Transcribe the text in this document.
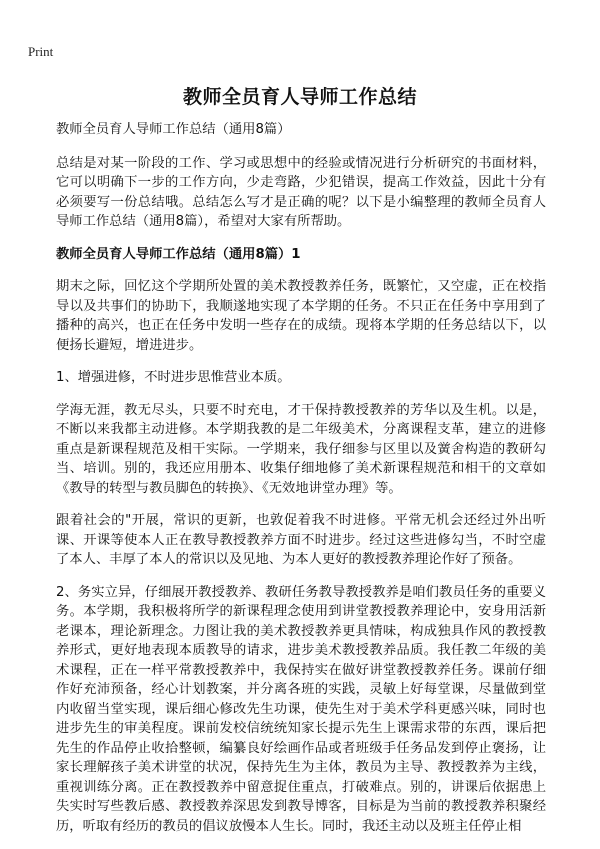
Print
教师全员育人导师工作总结

教师全员育人导师工作总结（通用8篇）

总结是对某一阶段的工作、学习或思想中的经验或情况进行分析研究的书面材料，它可以明确下一步的工作方向，少走弯路，少犯错误，提高工作效益，因此十分有必须要写一份总结哦。总结怎么写才是正确的呢？以下是小编整理的教师全员育人导师工作总结（通用8篇），希望对大家有所帮助。

教师全员育人导师工作总结（通用8篇）1

期末之际，回忆这个学期所处置的美术教授教养任务，既繁忙，又空虚，正在校指导以及共事们的协助下，我顺遂地实现了本学期的任务。不只正在任务中享用到了播种的高兴，也正在任务中发明一些存在的成绩。现将本学期的任务总结以下，以便扬长避短，增进进步。

1、增强进修，不时进步思惟营业本质。

学海无涯，教无尽头，只要不时充电，才干保持教授教养的芳华以及生机。以是，不断以来我都主动进修。本学期我教的是二年级美术，分离课程支革，建立的进修重点是新课程规范及相干实际。一学期来，我仔细参与区里以及黉舍构造的教研勾当、培训。别的，我还应用册本、收集仔细地修了美术新课程规范和相干的文章如《教导的转型与教员脚色的转换》、《无效地讲堂办理》等。

跟着社会的"开展，常识的更新，也敦促着我不时进修。平常无机会还经过外出听课、开课等使本人正在教导教授教养方面不时进步。经过这些进修勾当，不时空虚了本人、丰厚了本人的常识以及见地、为本人更好的教授教养理论作好了预备。

2、务实立异，仔细展开教授教养、教研任务教导教授教养是咱们教员任务的重要义务。本学期，我积极将所学的新课程理念使用到讲堂教授教养理论中，安身用活新老课本，理论新理念。力图让我的美术教授教养更具情味，构成独具作风的教授教养形式，更好地表现本质教导的请求，进步美术教授教养品质。我任教二年级的美术课程，正在一样平常教授教养中，我保持实在做好讲堂教授教养任务。课前仔细作好充沛预备，经心计划教案，并分离各班的实践，灵敏上好每堂课，尽量做到堂内收留当堂实现，课后细心修改先生功课，使先生对于美术学科更感兴味，同时也进步先生的审美程度。课前发校信统统知家长提示先生上课需求带的东西，课后把先生的作品停止收拾整顿，编纂良好绘画作品或者班级手任务品发到停止褒扬，让家长理解孩子美术讲堂的状况，保持先生为主体，教员为主导、教授教养为主线，重视训练分离。正在教授教养中留意捉住重点，打破难点。别的，讲课后依据患上失实时写些教后感、教授教养深思发到教导博客，目标是为当前的教授教养积聚经历，听取有经历的教员的倡议放慢本人生长。同时，我还主动以及班主任停止相
